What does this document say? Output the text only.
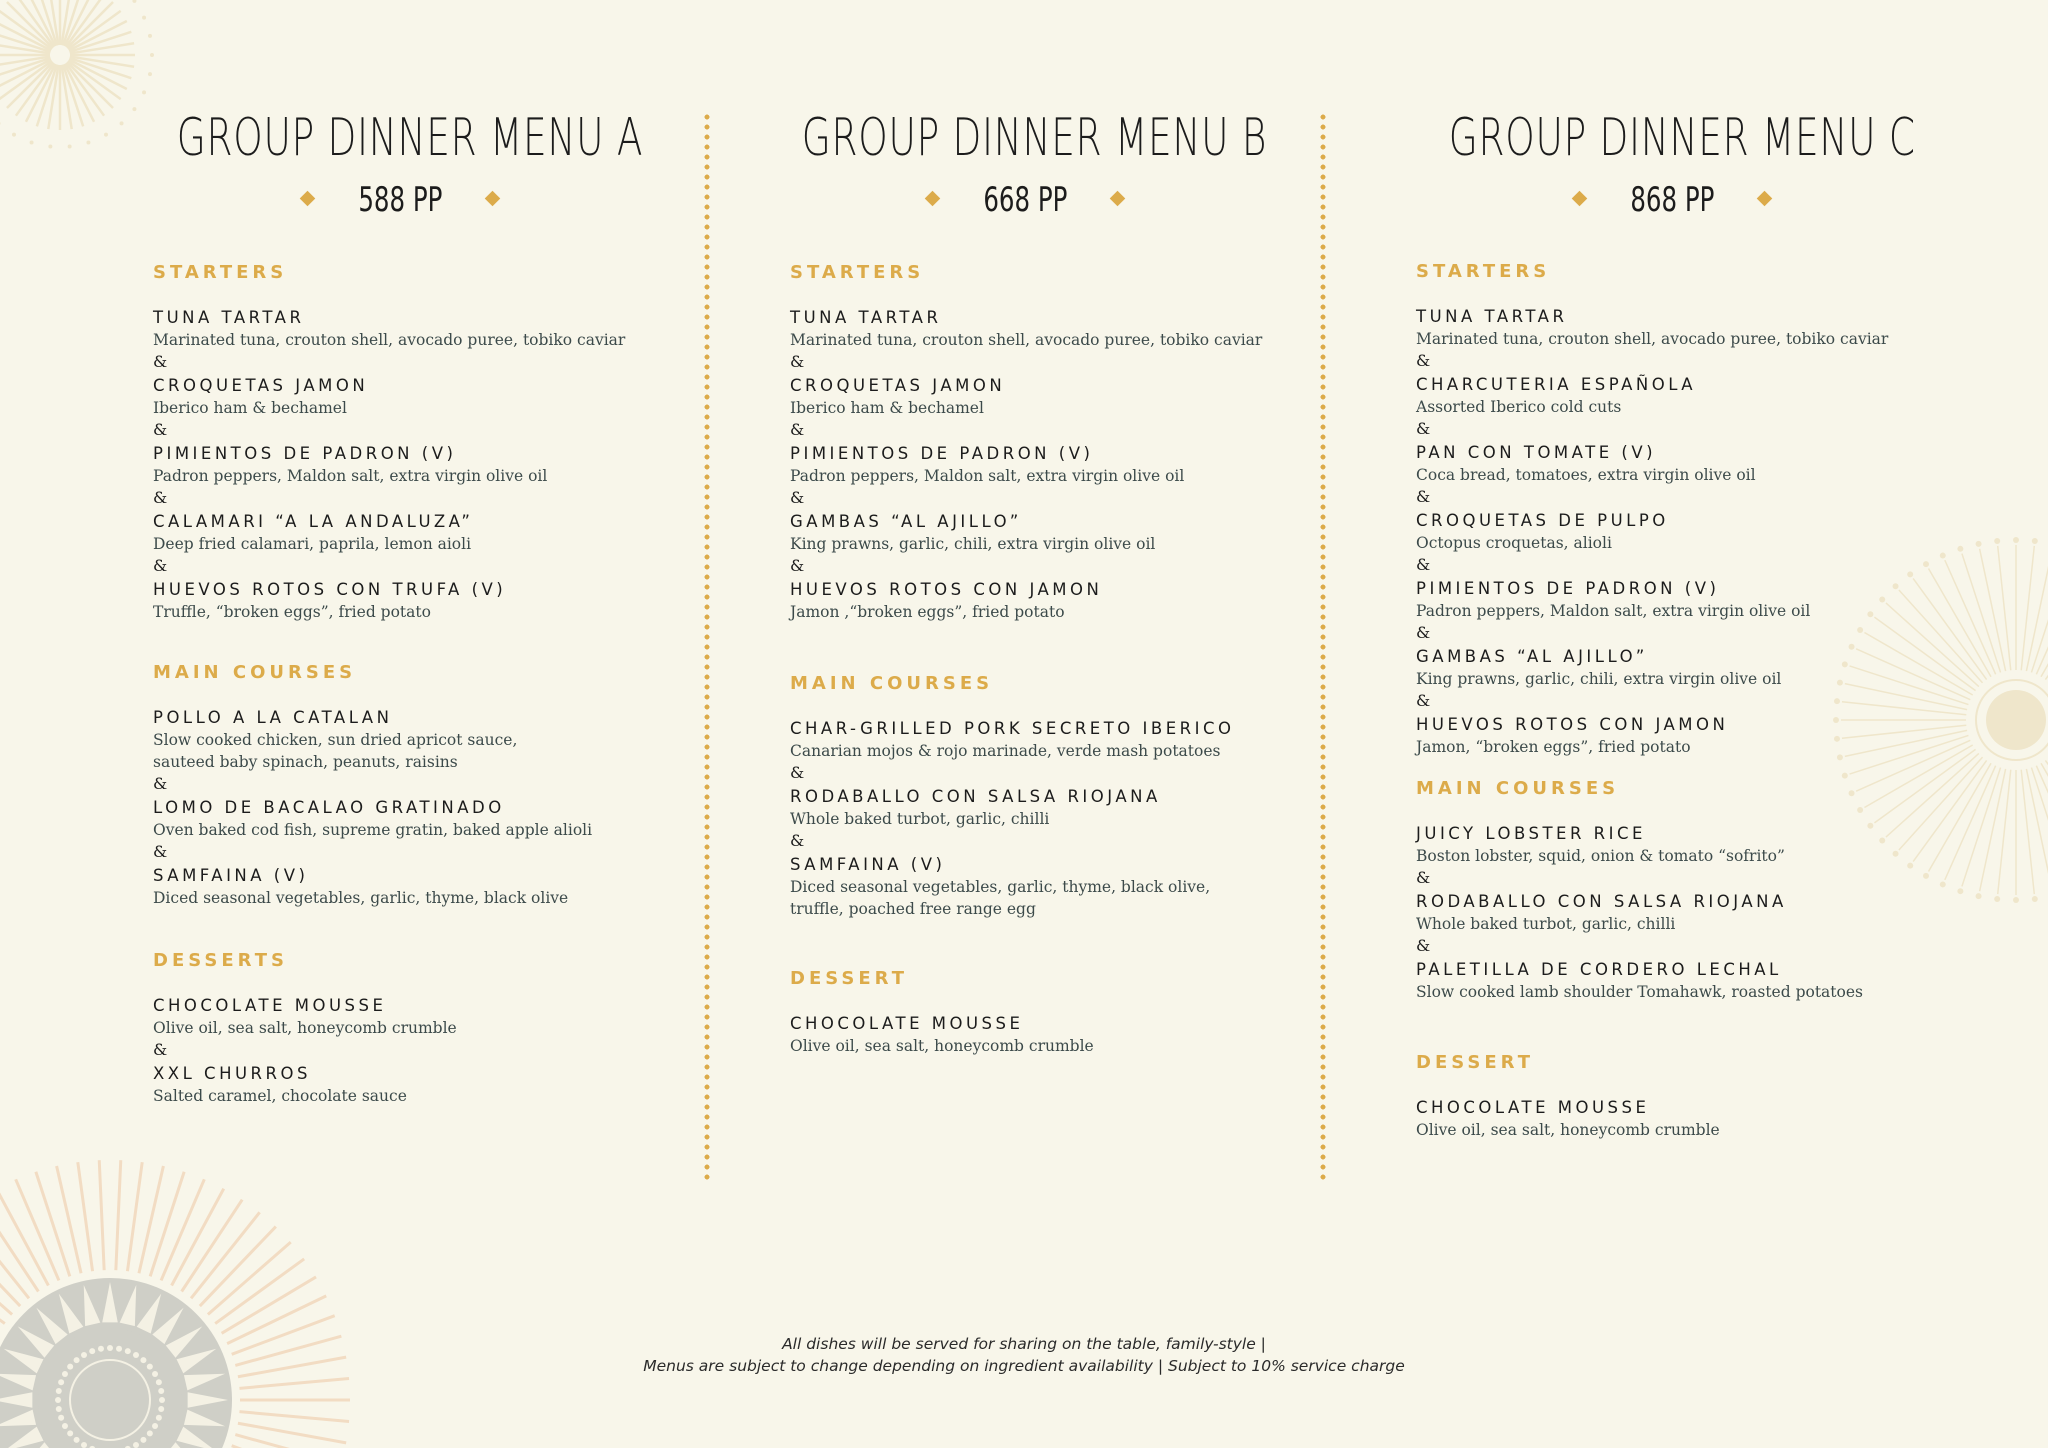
GROUP DINNER MENU A
588 PP
STARTERS
TUNA TARTAR
Marinated tuna, crouton shell, avocado puree, tobiko caviar
&
CROQUETAS JAMON
Iberico ham & bechamel
&
PIMIENTOS DE PADRON (V)
Padron peppers, Maldon salt, extra virgin olive oil
&
CALAMARI “A LA ANDALUZA”
Deep fried calamari, paprila, lemon aioli
&
HUEVOS ROTOS CON TRUFA (V)
Truffle, “broken eggs”, fried potato
MAIN COURSES
POLLO A LA CATALAN
Slow cooked chicken, sun dried apricot sauce,
sauteed baby spinach, peanuts, raisins
&
LOMO DE BACALAO GRATINADO
Oven baked cod fish, supreme gratin, baked apple alioli
&
SAMFAINA (V)
Diced seasonal vegetables, garlic, thyme, black olive
DESSERTS
CHOCOLATE MOUSSE
Olive oil, sea salt, honeycomb crumble
&
XXL CHURROS
Salted caramel, chocolate sauce
GROUP DINNER MENU B
668 PP
STARTERS
TUNA TARTAR
Marinated tuna, crouton shell, avocado puree, tobiko caviar
&
CROQUETAS JAMON
Iberico ham & bechamel
&
PIMIENTOS DE PADRON (V)
Padron peppers, Maldon salt, extra virgin olive oil
&
GAMBAS “AL AJILLO”
King prawns, garlic, chili, extra virgin olive oil
&
HUEVOS ROTOS CON JAMON
Jamon ,“broken eggs”, fried potato
MAIN COURSES
CHAR-GRILLED PORK SECRETO IBERICO
Canarian mojos & rojo marinade, verde mash potatoes
&
RODABALLO CON SALSA RIOJANA
Whole baked turbot, garlic, chilli
&
SAMFAINA (V)
Diced seasonal vegetables, garlic, thyme, black olive,
truffle, poached free range egg
DESSERT
CHOCOLATE MOUSSE
Olive oil, sea salt, honeycomb crumble
GROUP DINNER MENU C
868 PP
STARTERS
TUNA TARTAR
Marinated tuna, crouton shell, avocado puree, tobiko caviar
&
CHARCUTERIA ESPAÑOLA
Assorted Iberico cold cuts
&
PAN CON TOMATE (V)
Coca bread, tomatoes, extra virgin olive oil
&
CROQUETAS DE PULPO
Octopus croquetas, alioli
&
PIMIENTOS DE PADRON (V)
Padron peppers, Maldon salt, extra virgin olive oil
&
GAMBAS “AL AJILLO”
King prawns, garlic, chili, extra virgin olive oil
&
HUEVOS ROTOS CON JAMON
Jamon, “broken eggs”, fried potato
MAIN COURSES
JUICY LOBSTER RICE
Boston lobster, squid, onion & tomato “sofrito”
&
RODABALLO CON SALSA RIOJANA
Whole baked turbot, garlic, chilli
&
PALETILLA DE CORDERO LECHAL
Slow cooked lamb shoulder Tomahawk, roasted potatoes
DESSERT
CHOCOLATE MOUSSE
Olive oil, sea salt, honeycomb crumble
All dishes will be served for sharing on the table, family-style |
Menus are subject to change depending on ingredient availability | Subject to 10% service charge
